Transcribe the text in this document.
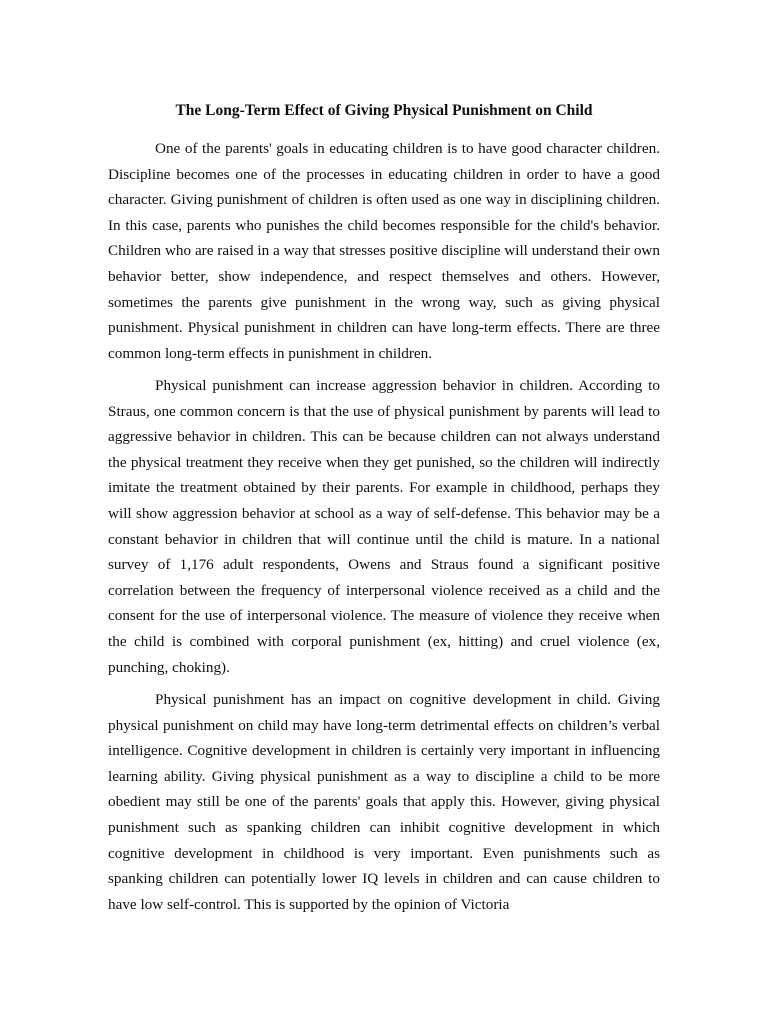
The Long-Term Effect of Giving Physical Punishment on Child

One of the parents' goals in educating children is to have good character children. Discipline becomes one of the processes in educating children in order to have a good character. Giving punishment of children is often used as one way in disciplining children. In this case, parents who punishes the child becomes responsible for the child's behavior. Children who are raised in a way that stresses positive discipline will understand their own behavior better, show independence, and respect themselves and others. However, sometimes the parents give punishment in the wrong way, such as giving physical punishment. Physical punishment in children can have long-term effects. There are three common long-term effects in punishment in children.

Physical punishment can increase aggression behavior in children. According to Straus, one common concern is that the use of physical punishment by parents will lead to aggressive behavior in children. This can be because children can not always understand the physical treatment they receive when they get punished, so the children will indirectly imitate the treatment obtained by their parents. For example in childhood, perhaps they will show aggression behavior at school as a way of self-defense. This behavior may be a constant behavior in children that will continue until the child is mature. In a national survey of 1,176 adult respondents, Owens and Straus found a significant positive correlation between the frequency of interpersonal violence received as a child and the consent for the use of interpersonal violence. The measure of violence they receive when the child is combined with corporal punishment (ex, hitting) and cruel violence (ex, punching, choking).

Physical punishment has an impact on cognitive development in child. Giving physical punishment on child may have long-term detrimental effects on children’s verbal intelligence. Cognitive development in children is certainly very important in influencing learning ability. Giving physical punishment as a way to discipline a child to be more obedient may still be one of the parents' goals that apply this. However, giving physical punishment such as spanking children can inhibit cognitive development in which cognitive development in childhood is very important. Even punishments such as spanking children can potentially lower IQ levels in children and can cause children to have low self-control. This is supported by the opinion of Victoria
